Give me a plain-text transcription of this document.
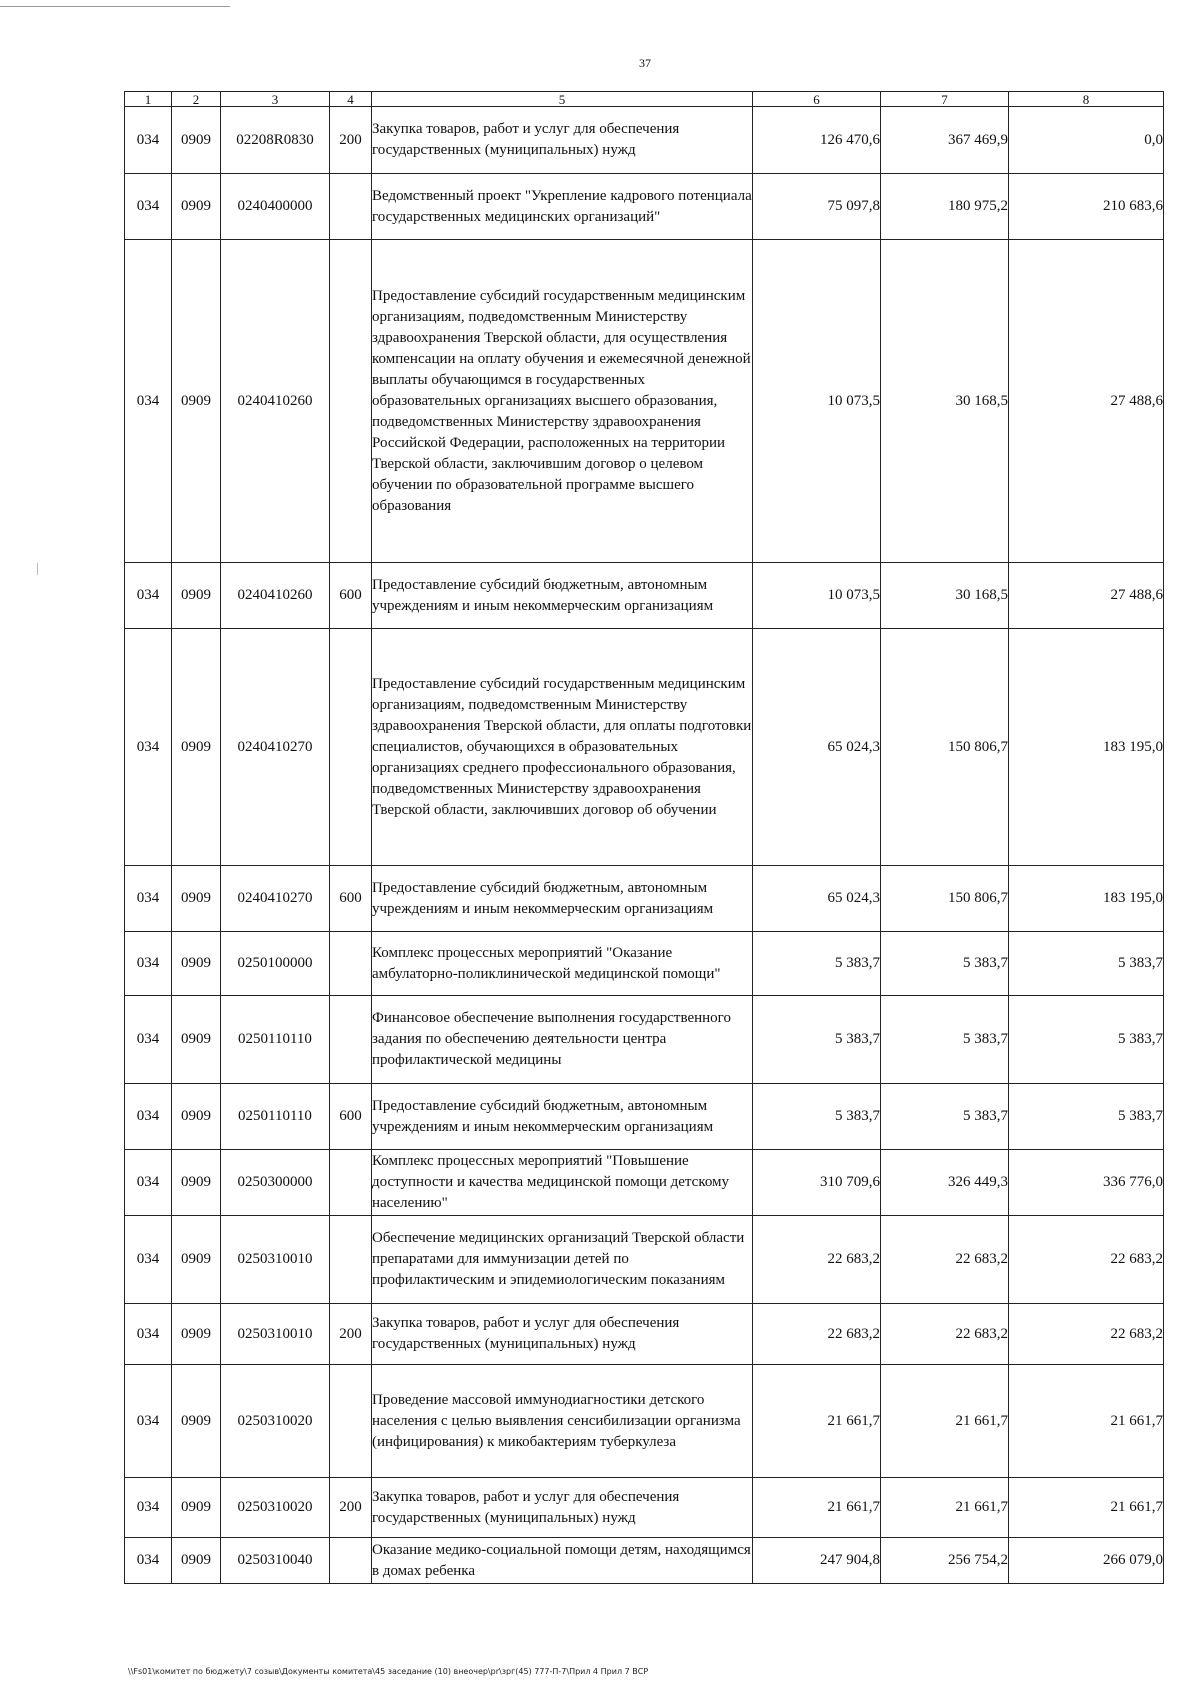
37
1	2	3	4	5	6	7	8
034	0909	02208R0830	200	Закупка товаров, работ и услуг для обеспечения государственных (муниципальных) нужд	126 470,6	367 469,9	0,0
034	0909	0240400000		Ведомственный проект "Укрепление кадрового потенциала государственных медицинских организаций"	75 097,8	180 975,2	210 683,6
034	0909	0240410260		Предоставление субсидий государственным медицинским организациям, подведомственным Министерству здравоохранения Тверской области, для осуществления компенсации на оплату обучения и ежемесячной денежной выплаты обучающимся в государственных образовательных организациях высшего образования, подведомственных Министерству здравоохранения Российской Федерации, расположенных на территории Тверской области, заключившим договор о целевом обучении по образовательной программе высшего образования	10 073,5	30 168,5	27 488,6
034	0909	0240410260	600	Предоставление субсидий бюджетным, автономным учреждениям и иным некоммерческим организациям	10 073,5	30 168,5	27 488,6
034	0909	0240410270		Предоставление субсидий государственным медицинским организациям, подведомственным Министерству здравоохранения Тверской области, для оплаты подготовки специалистов, обучающихся в образовательных организациях среднего профессионального образования, подведомственных Министерству здравоохранения Тверской области, заключивших договор об обучении	65 024,3	150 806,7	183 195,0
034	0909	0240410270	600	Предоставление субсидий бюджетным, автономным учреждениям и иным некоммерческим организациям	65 024,3	150 806,7	183 195,0
034	0909	0250100000		Комплекс процессных мероприятий "Оказание амбулаторно-поликлинической медицинской помощи"	5 383,7	5 383,7	5 383,7
034	0909	0250110110		Финансовое обеспечение выполнения государственного задания по обеспечению деятельности центра профилактической медицины	5 383,7	5 383,7	5 383,7
034	0909	0250110110	600	Предоставление субсидий бюджетным, автономным учреждениям и иным некоммерческим организациям	5 383,7	5 383,7	5 383,7
034	0909	0250300000		Комплекс процессных мероприятий "Повышение доступности и качества медицинской помощи детскому населению"	310 709,6	326 449,3	336 776,0
034	0909	0250310010		Обеспечение медицинских организаций Тверской области препаратами для иммунизации детей по профилактическим и эпидемиологическим показаниям	22 683,2	22 683,2	22 683,2
034	0909	0250310010	200	Закупка товаров, работ и услуг для обеспечения государственных (муниципальных) нужд	22 683,2	22 683,2	22 683,2
034	0909	0250310020		Проведение массовой иммунодиагностики детского населения с целью выявления сенсибилизации организма (инфицирования) к микобактериям туберкулеза	21 661,7	21 661,7	21 661,7
034	0909	0250310020	200	Закупка товаров, работ и услуг для обеспечения государственных (муниципальных) нужд	21 661,7	21 661,7	21 661,7
034	0909	0250310040		Оказание медико-социальной помощи детям, находящимся в домах ребенка	247 904,8	256 754,2	266 079,0
\\Fs01\комитет по бюджету\7 созыв\Документы комитета\45 заседание (10) внеочер\pr\зрг(45) 777-П-7\Прил 4 Прил 7 ВСР
